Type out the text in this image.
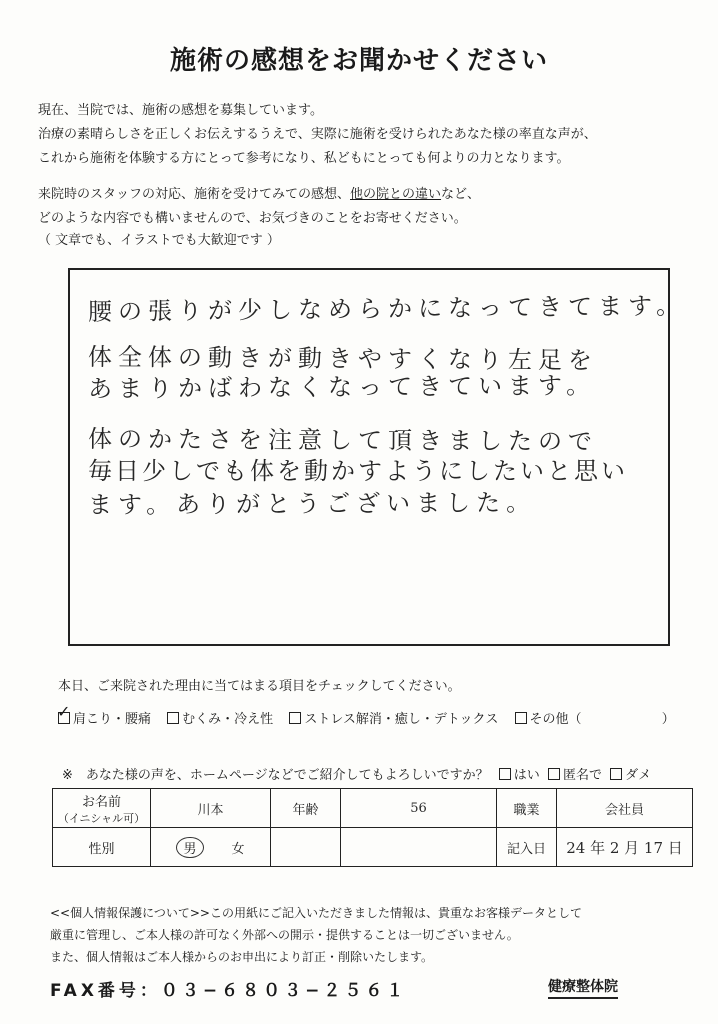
施術の感想をお聞かせください
現在、当院では、施術の感想を募集しています。
治療の素晴らしさを正しくお伝えするうえで、実際に施術を受けられたあなた様の率直な声が、
これから施術を体験する方にとって参考になり、私どもにとっても何よりの力となります。
来院時のスタッフの対応、施術を受けてみての感想、他の院との違いなど、
どのような内容でも構いませんので、お気づきのことをお寄せください。
（ 文章でも、イラストでも大歓迎です ）
腰の張りが少しなめらかになってきてます。
体全体の動きが動きやすくなり左足を
あまりかばわなくなってきています。
体のかたさを注意して頂きましたので
毎日少しでも体を動かすようにしたいと思い
ます。ありがとうございました。
本日、ご来院された理由に当てはまる項目をチェックしてください。
✓ 肩こり・腰痛 むくみ・冷え性 ストレス解消・癒し・デトックス その他（	）
※　あなた様の声を、ホームページなどでご紹介してもよろしいですか？ はい 匿名で ダメ
お名前
（イニシャル可）	川本	年齢	56	職業	会社員
性別	男 女			記入日	24 年 2 月 17 日
<<個人情報保護について>>この用紙にご記入いただきました情報は、貴重なお客様データとして
厳重に管理し、ご本人様の許可なく外部への開示・提供することは一切ございません。
また、個人情報はご本人様からのお申出により訂正・削除いたします。
FAX番号：０３−６８０３−２５６１	健療整体院
